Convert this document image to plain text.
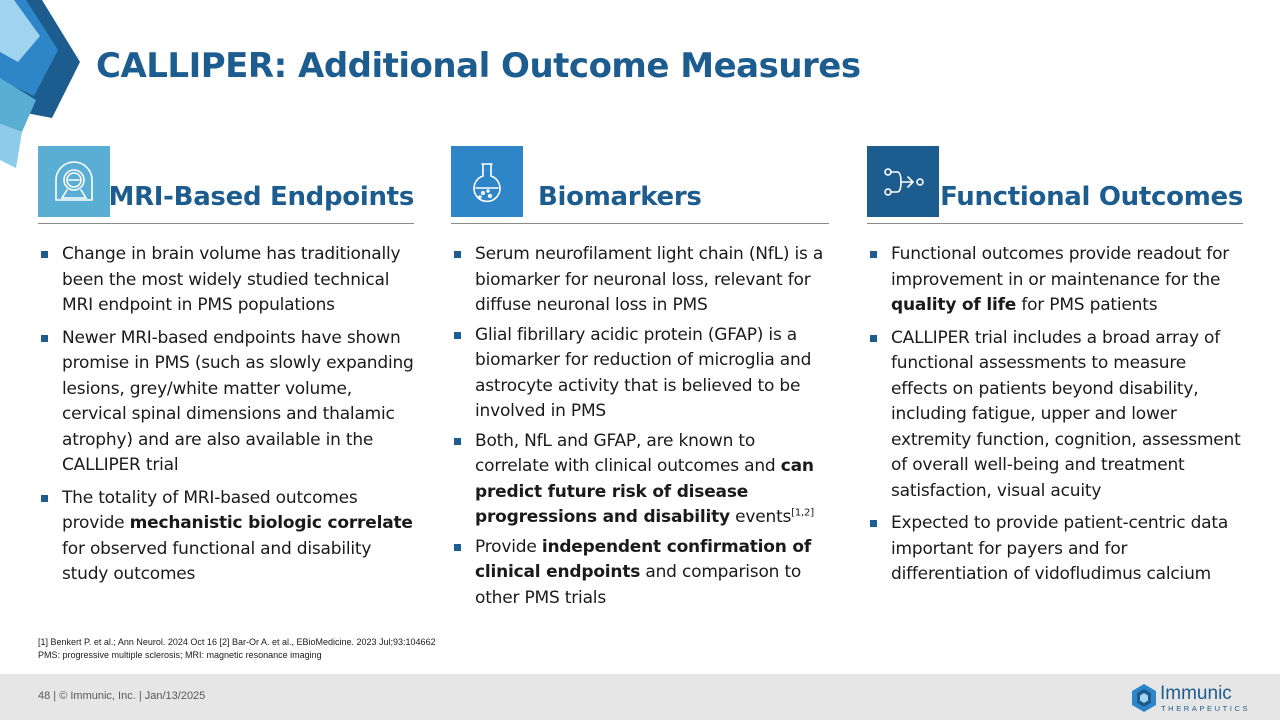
CALLIPER: Additional Outcome Measures
MRI-Based Endpoints
Change in brain volume has traditionally been the most widely studied technical MRI endpoint in PMS populations
Newer MRI-based endpoints have shown promise in PMS (such as slowly expanding lesions, grey/white matter volume, cervical spinal dimensions and thalamic atrophy) and are also available in the CALLIPER trial
The totality of MRI-based outcomes provide mechanistic biologic correlate for observed functional and disability study outcomes
Biomarkers
Serum neurofilament light chain (NfL) is a biomarker for neuronal loss, relevant for diffuse neuronal loss in PMS
Glial fibrillary acidic protein (GFAP) is a biomarker for reduction of microglia and astrocyte activity that is believed to be involved in PMS
Both, NfL and GFAP, are known to correlate with clinical outcomes and can predict future risk of disease progressions and disability events[1,2]
Provide independent confirmation of clinical endpoints and comparison to other PMS trials
Functional Outcomes
Functional outcomes provide readout for improvement in or maintenance for the quality of life for PMS patients
CALLIPER trial includes a broad array of functional assessments to measure effects on patients beyond disability, including fatigue, upper and lower extremity function, cognition, assessment of overall well-being and treatment satisfaction, visual acuity
Expected to provide patient-centric data important for payers and for differentiation of vidofludimus calcium
[1] Benkert P. et al.; Ann Neurol. 2024 Oct 16 [2] Bar-Or A. et al., EBioMedicine. 2023 Jul;93:104662
PMS: progressive multiple sclerosis; MRI: magnetic resonance imaging
48 | © Immunic, Inc. | Jan/13/2025	Immunic
THERAPEUTICS
